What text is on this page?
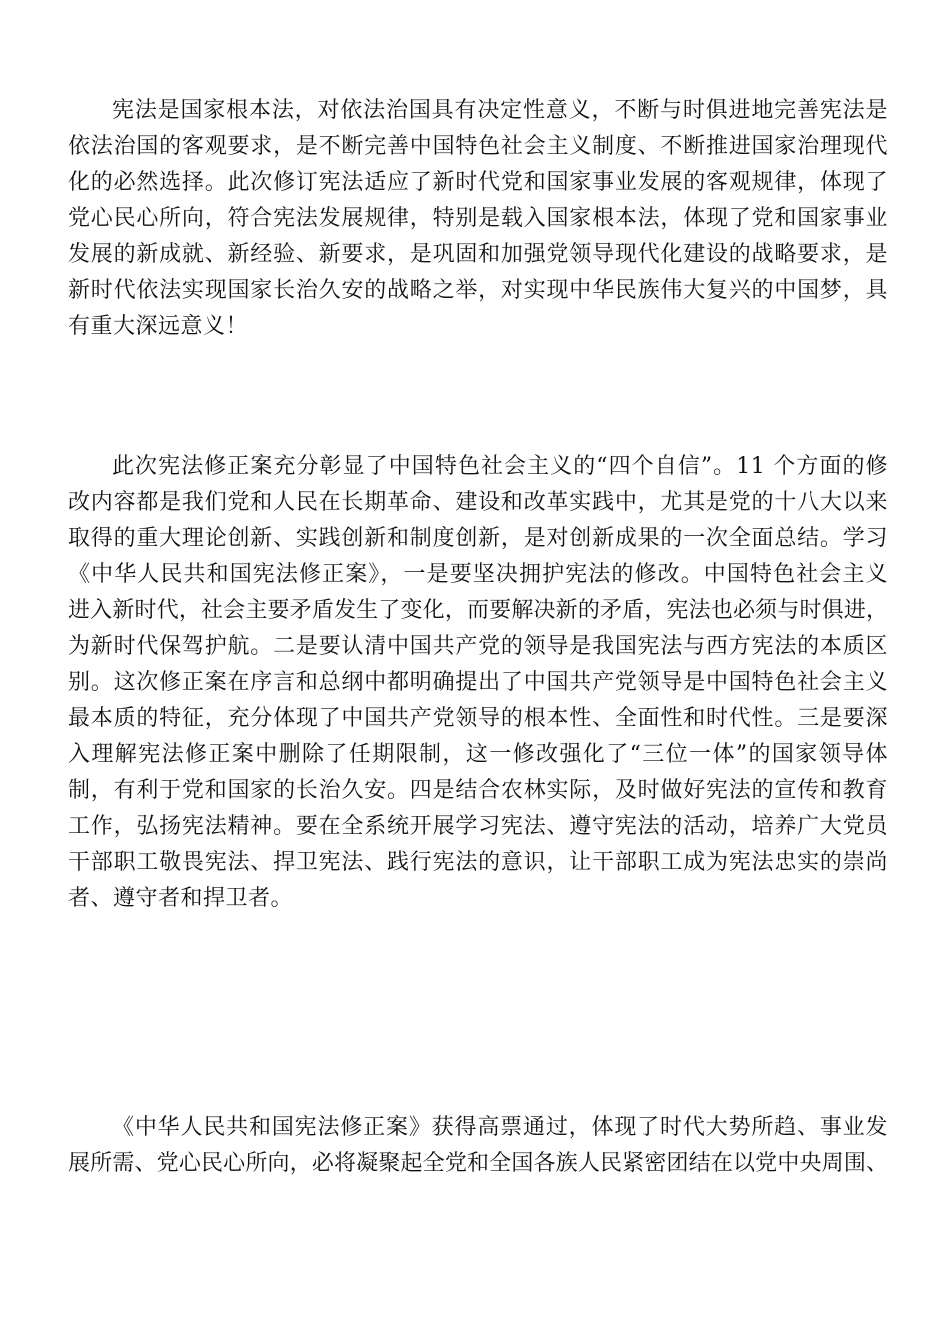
宪法是国家根本法，对依法治国具有决定性意义，不断与时俱进地完善宪法是
依法治国的客观要求，是不断完善中国特色社会主义制度、不断推进国家治理现代
化的必然选择。此次修订宪法适应了新时代党和国家事业发展的客观规律，体现了
党心民心所向，符合宪法发展规律，特别是载入国家根本法，体现了党和国家事业
发展的新成就、新经验、新要求，是巩固和加强党领导现代化建设的战略要求，是
新时代依法实现国家长治久安的战略之举，对实现中华民族伟大复兴的中国梦，具
有重大深远意义！
此次宪法修正案充分彰显了中国特色社会主义的“四个自信”。11 个方面的修
改内容都是我们党和人民在长期革命、建设和改革实践中，尤其是党的十八大以来
取得的重大理论创新、实践创新和制度创新，是对创新成果的一次全面总结。学习
《中华人民共和国宪法修正案》，一是要坚决拥护宪法的修改。中国特色社会主义
进入新时代，社会主要矛盾发生了变化，而要解决新的矛盾，宪法也必须与时俱进，
为新时代保驾护航。二是要认清中国共产党的领导是我国宪法与西方宪法的本质区
别。这次修正案在序言和总纲中都明确提出了中国共产党领导是中国特色社会主义
最本质的特征，充分体现了中国共产党领导的根本性、全面性和时代性。三是要深
入理解宪法修正案中删除了任期限制，这一修改强化了“三位一体”的国家领导体
制，有利于党和国家的长治久安。四是结合农林实际，及时做好宪法的宣传和教育
工作，弘扬宪法精神。要在全系统开展学习宪法、遵守宪法的活动，培养广大党员
干部职工敬畏宪法、捍卫宪法、践行宪法的意识，让干部职工成为宪法忠实的崇尚
者、遵守者和捍卫者。
《中华人民共和国宪法修正案》获得高票通过，体现了时代大势所趋、事业发
展所需、党心民心所向，必将凝聚起全党和全国各族人民紧密团结在以党中央周围、
